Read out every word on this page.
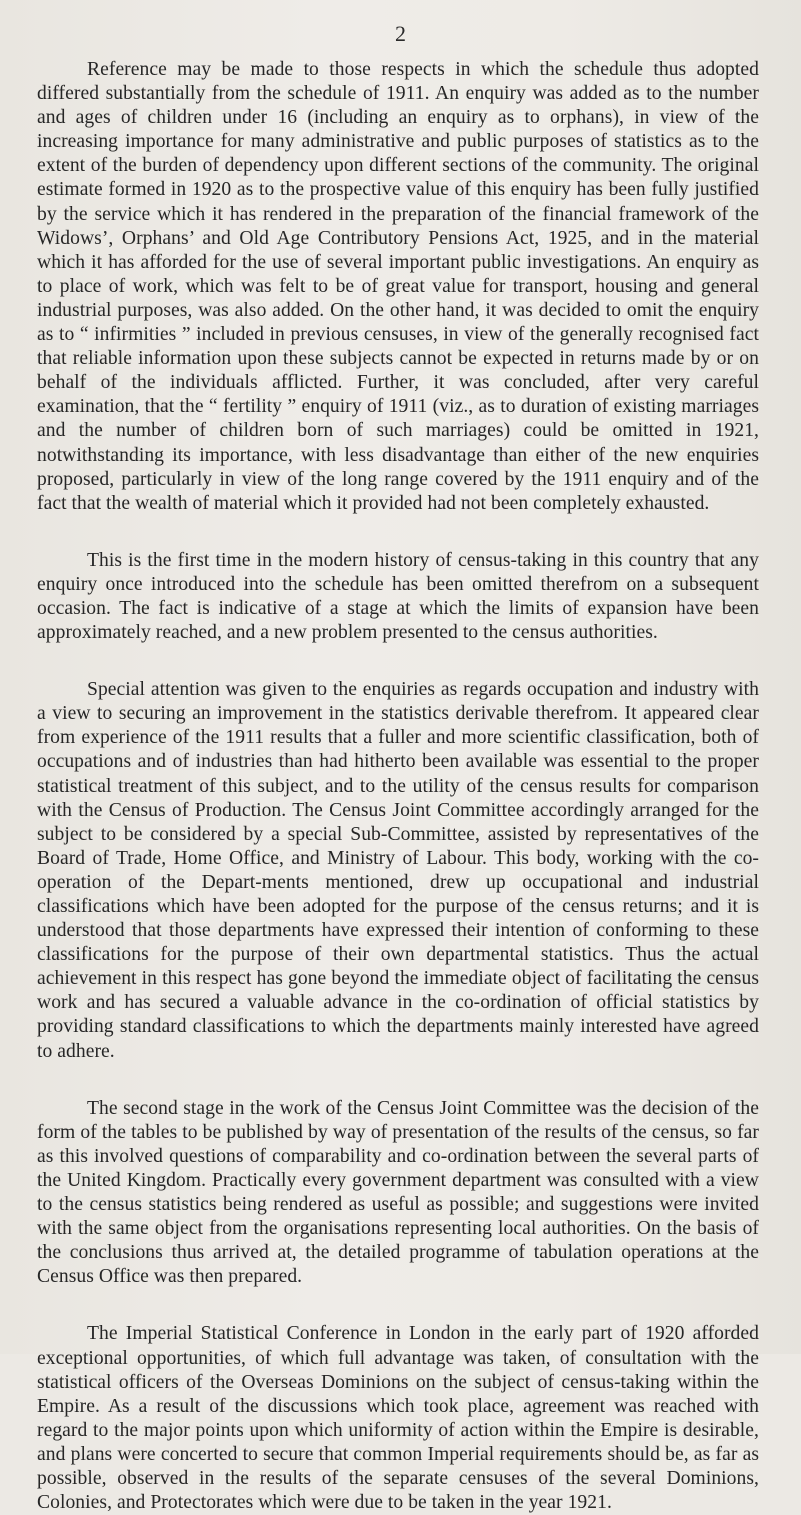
2

Reference may be made to those respects in which the schedule thus adopted differed substantially from the schedule of 1911. An enquiry was added as to the number and ages of children under 16 (including an enquiry as to orphans), in view of the increasing importance for many administrative and public purposes of statistics as to the extent of the burden of dependency upon different sections of the community. The original estimate formed in 1920 as to the prospective value of this enquiry has been fully justified by the service which it has rendered in the preparation of the financial framework of the Widows’, Orphans’ and Old Age Contributory Pensions Act, 1925, and in the material which it has afforded for the use of several important public investigations. An enquiry as to place of work, which was felt to be of great value for transport, housing and general industrial purposes, was also added. On the other hand, it was decided to omit the enquiry as to “ infirmities ” included in previous censuses, in view of the generally recognised fact that reliable information upon these subjects cannot be expected in returns made by or on behalf of the individuals afflicted. Further, it was concluded, after very careful examination, that the “ fertility ” enquiry of 1911 (viz., as to duration of existing marriages and the number of children born of such marriages) could be omitted in 1921, notwithstanding its importance, with less disadvantage than either of the new enquiries proposed, particularly in view of the long range covered by the 1911 enquiry and of the fact that the wealth of material which it provided had not been completely exhausted.

This is the first time in the modern history of census-taking in this country that any enquiry once introduced into the schedule has been omitted therefrom on a subsequent occasion. The fact is indicative of a stage at which the limits of expansion have been approximately reached, and a new problem presented to the census authorities.

Special attention was given to the enquiries as regards occupation and industry with a view to securing an improvement in the statistics derivable therefrom. It appeared clear from experience of the 1911 results that a fuller and more scientific classification, both of occupations and of industries than had hitherto been available was essential to the proper statistical treatment of this subject, and to the utility of the census results for comparison with the Census of Production. The Census Joint Committee accordingly arranged for the subject to be considered by a special Sub-Committee, assisted by representatives of the Board of Trade, Home Office, and Ministry of Labour. This body, working with the co-operation of the Depart-ments mentioned, drew up occupational and industrial classifications which have been adopted for the purpose of the census returns; and it is understood that those departments have expressed their intention of conforming to these classifications for the purpose of their own departmental statistics. Thus the actual achievement in this respect has gone beyond the immediate object of facilitating the census work and has secured a valuable advance in the co-ordination of official statistics by providing standard classifications to which the departments mainly interested have agreed to adhere.

The second stage in the work of the Census Joint Committee was the decision of the form of the tables to be published by way of presentation of the results of the census, so far as this involved questions of comparability and co-ordination between the several parts of the United Kingdom. Practically every government department was consulted with a view to the census statistics being rendered as useful as possible; and suggestions were invited with the same object from the organisations representing local authorities. On the basis of the conclusions thus arrived at, the detailed programme of tabulation operations at the Census Office was then prepared.

The Imperial Statistical Conference in London in the early part of 1920 afforded exceptional opportunities, of which full advantage was taken, of consultation with the statistical officers of the Overseas Dominions on the subject of census-taking within the Empire. As a result of the discussions which took place, agreement was reached with regard to the major points upon which uniformity of action within the Empire is desirable, and plans were concerted to secure that common Imperial requirements should be, as far as possible, observed in the results of the separate censuses of the several Dominions, Colonies, and Protectorates which were due to be taken in the year 1921.
